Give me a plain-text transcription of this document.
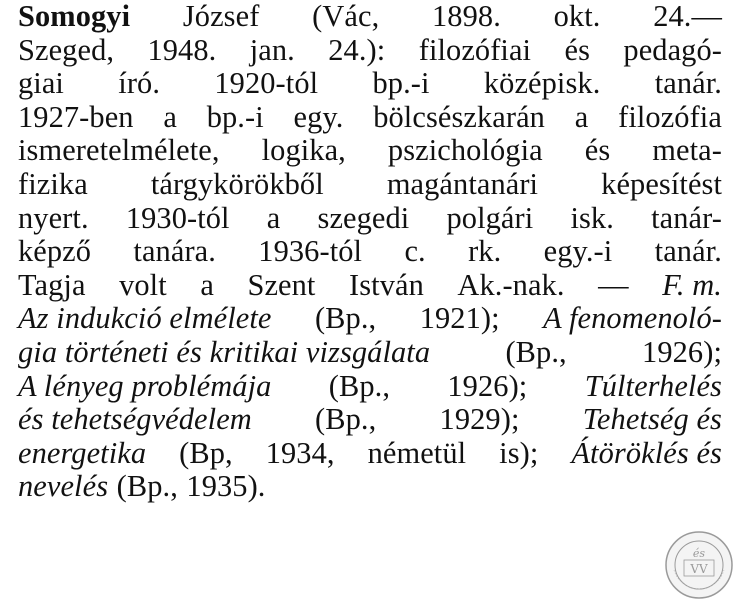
Somogyi József (Vác, 1898. okt. 24.—
Szeged, 1948. jan. 24.): filozófiai és pedagó-
giai író. 1920-tól bp.-i középisk. tanár.
1927-ben a bp.-i egy. bölcsészkarán a filozófia
ismeretelmélete, logika, pszichológia és meta-
fizika tárgykörökből magántanári képesítést
nyert. 1930-tól a szegedi polgári isk. tanár-
képző tanára. 1936-tól c. rk. egy.-i tanár.
Tagja volt a Szent István Ak.-nak. — F. m.
Az indukció elmélete (Bp., 1921); A fenomenoló-
gia történeti és kritikai vizsgálata (Bp., 1926);
A lényeg problémája (Bp., 1926); Túlterhelés
és tehetségvédelem (Bp., 1929); Tehetség és
energetika (Bp, 1934, németül is); Átöröklés és
nevelés (Bp., 1935).
és
VV
